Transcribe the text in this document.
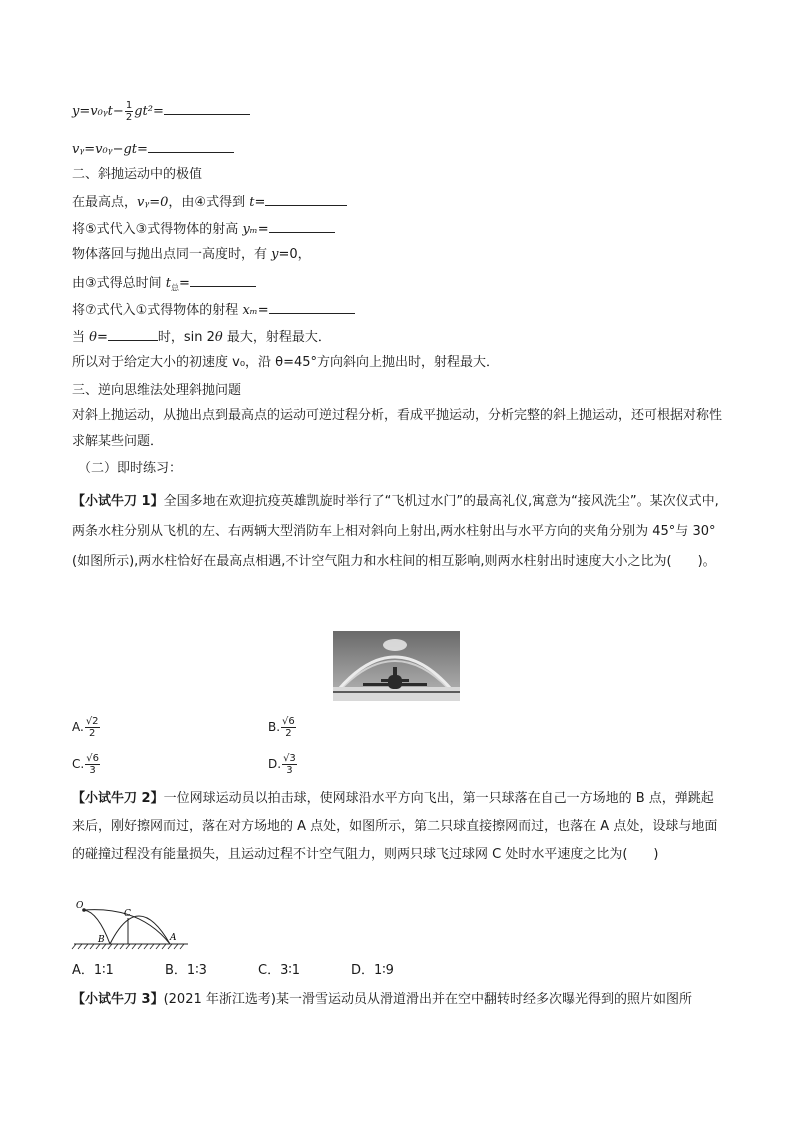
y=v₀ᵧt− $\frac{1}{2} gt^2=$
vᵧ=v₀ᵧ−gt=
二、斜抛运动中的极值
在最高点，vᵧ=0，由④式得到 t=
将⑤式代入③式得物体的射高 yₘ=
物体落回与抛出点同一高度时，有 y=0，
由③式得总时间 $t_总=$
将⑦式代入①式得物体的射程 xₘ=
当 θ=	时，sin 2θ 最大，射程最大．
所以对于给定大小的初速度 v₀，沿 θ=45°方向斜向上抛出时，射程最大．
三、逆向思维法处理斜抛问题
对斜上抛运动，从抛出点到最高点的运动可逆过程分析，看成平抛运动，分析完整的斜上抛运动，还可根据对称性求解某些问题．
（二）即时练习：
【小试牛刀 1】全国多地在欢迎抗疫英雄凯旋时举行了“飞机过水门”的最高礼仪,寓意为“接风洗尘”。某次仪式中,两条水柱分别从飞机的左、右两辆大型消防车上相对斜向上射出,两水柱射出与水平方向的夹角分别为 45°与 30°(如图所示),两水柱恰好在最高点相遇,不计空气阻力和水柱间的相互影响,则两水柱射出时速度大小之比为(　　)。
A. $\frac{√2}{2}$	B. $\frac{√6}{2}$
C. $\frac{√6}{3}$	D. $\frac{√3}{3}$
【小试牛刀 2】一位网球运动员以拍击球，使网球沿水平方向飞出，第一只球落在自己一方场地的 B 点，弹跳起来后，刚好擦网而过，落在对方场地的 A 点处，如图所示，第二只球直接擦网而过，也落在 A 点处，设球与地面的碰撞过程没有能量损失，且运动过程不计空气阻力，则两只球飞过球网 C 处时水平速度之比为(　　)
O
C
B	A
A．1∶1	B．1∶3	C．3∶1	D．1∶9
【小试牛刀 3】(2021 年浙江选考)某一滑雪运动员从滑道滑出并在空中翻转时经多次曝光得到的照片如图所
